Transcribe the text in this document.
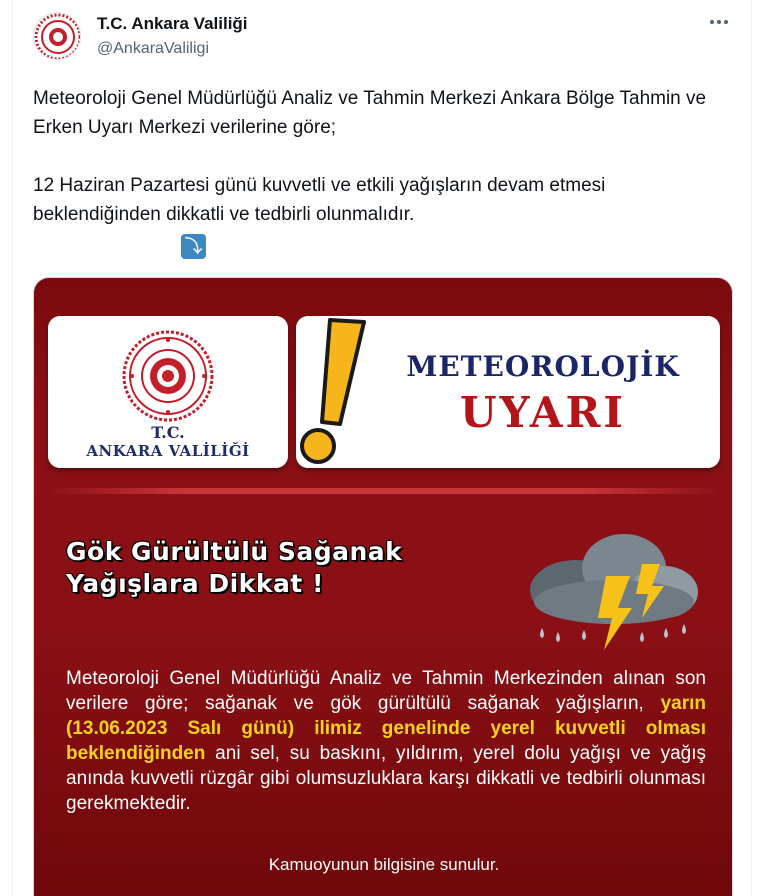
T.C. Ankara Valiliği
@AnkaraValiligi

Meteoroloji Genel Müdürlüğü Analiz ve Tahmin Merkezi Ankara Bölge Tahmin ve Erken Uyarı Merkezi verilerine göre;

12 Haziran Pazartesi günü kuvvetli ve etkili yağışların devam etmesi beklendiğinden dikkatli ve tedbirli olunmalıdır.

⤵
T.C.
ANKARA VALİLİĞİ
METEOROLOJİK
UYARI
Gök Gürültülü Sağanak
Yağışlara Dikkat !
Meteoroloji Genel Müdürlüğü Analiz ve Tahmin Merkezinden alınan son verilere göre; sağanak ve gök gürültülü sağanak yağışların, yarın (13.06.2023 Salı günü) ilimiz genelinde yerel kuvvetli olması beklendiğinden ani sel, su baskını, yıldırım, yerel dolu yağışı ve yağış anında kuvvetli rüzgâr gibi olumsuzluklara karşı dikkatli ve tedbirli olunması gerekmektedir.
Kamuoyunun bilgisine sunulur.
